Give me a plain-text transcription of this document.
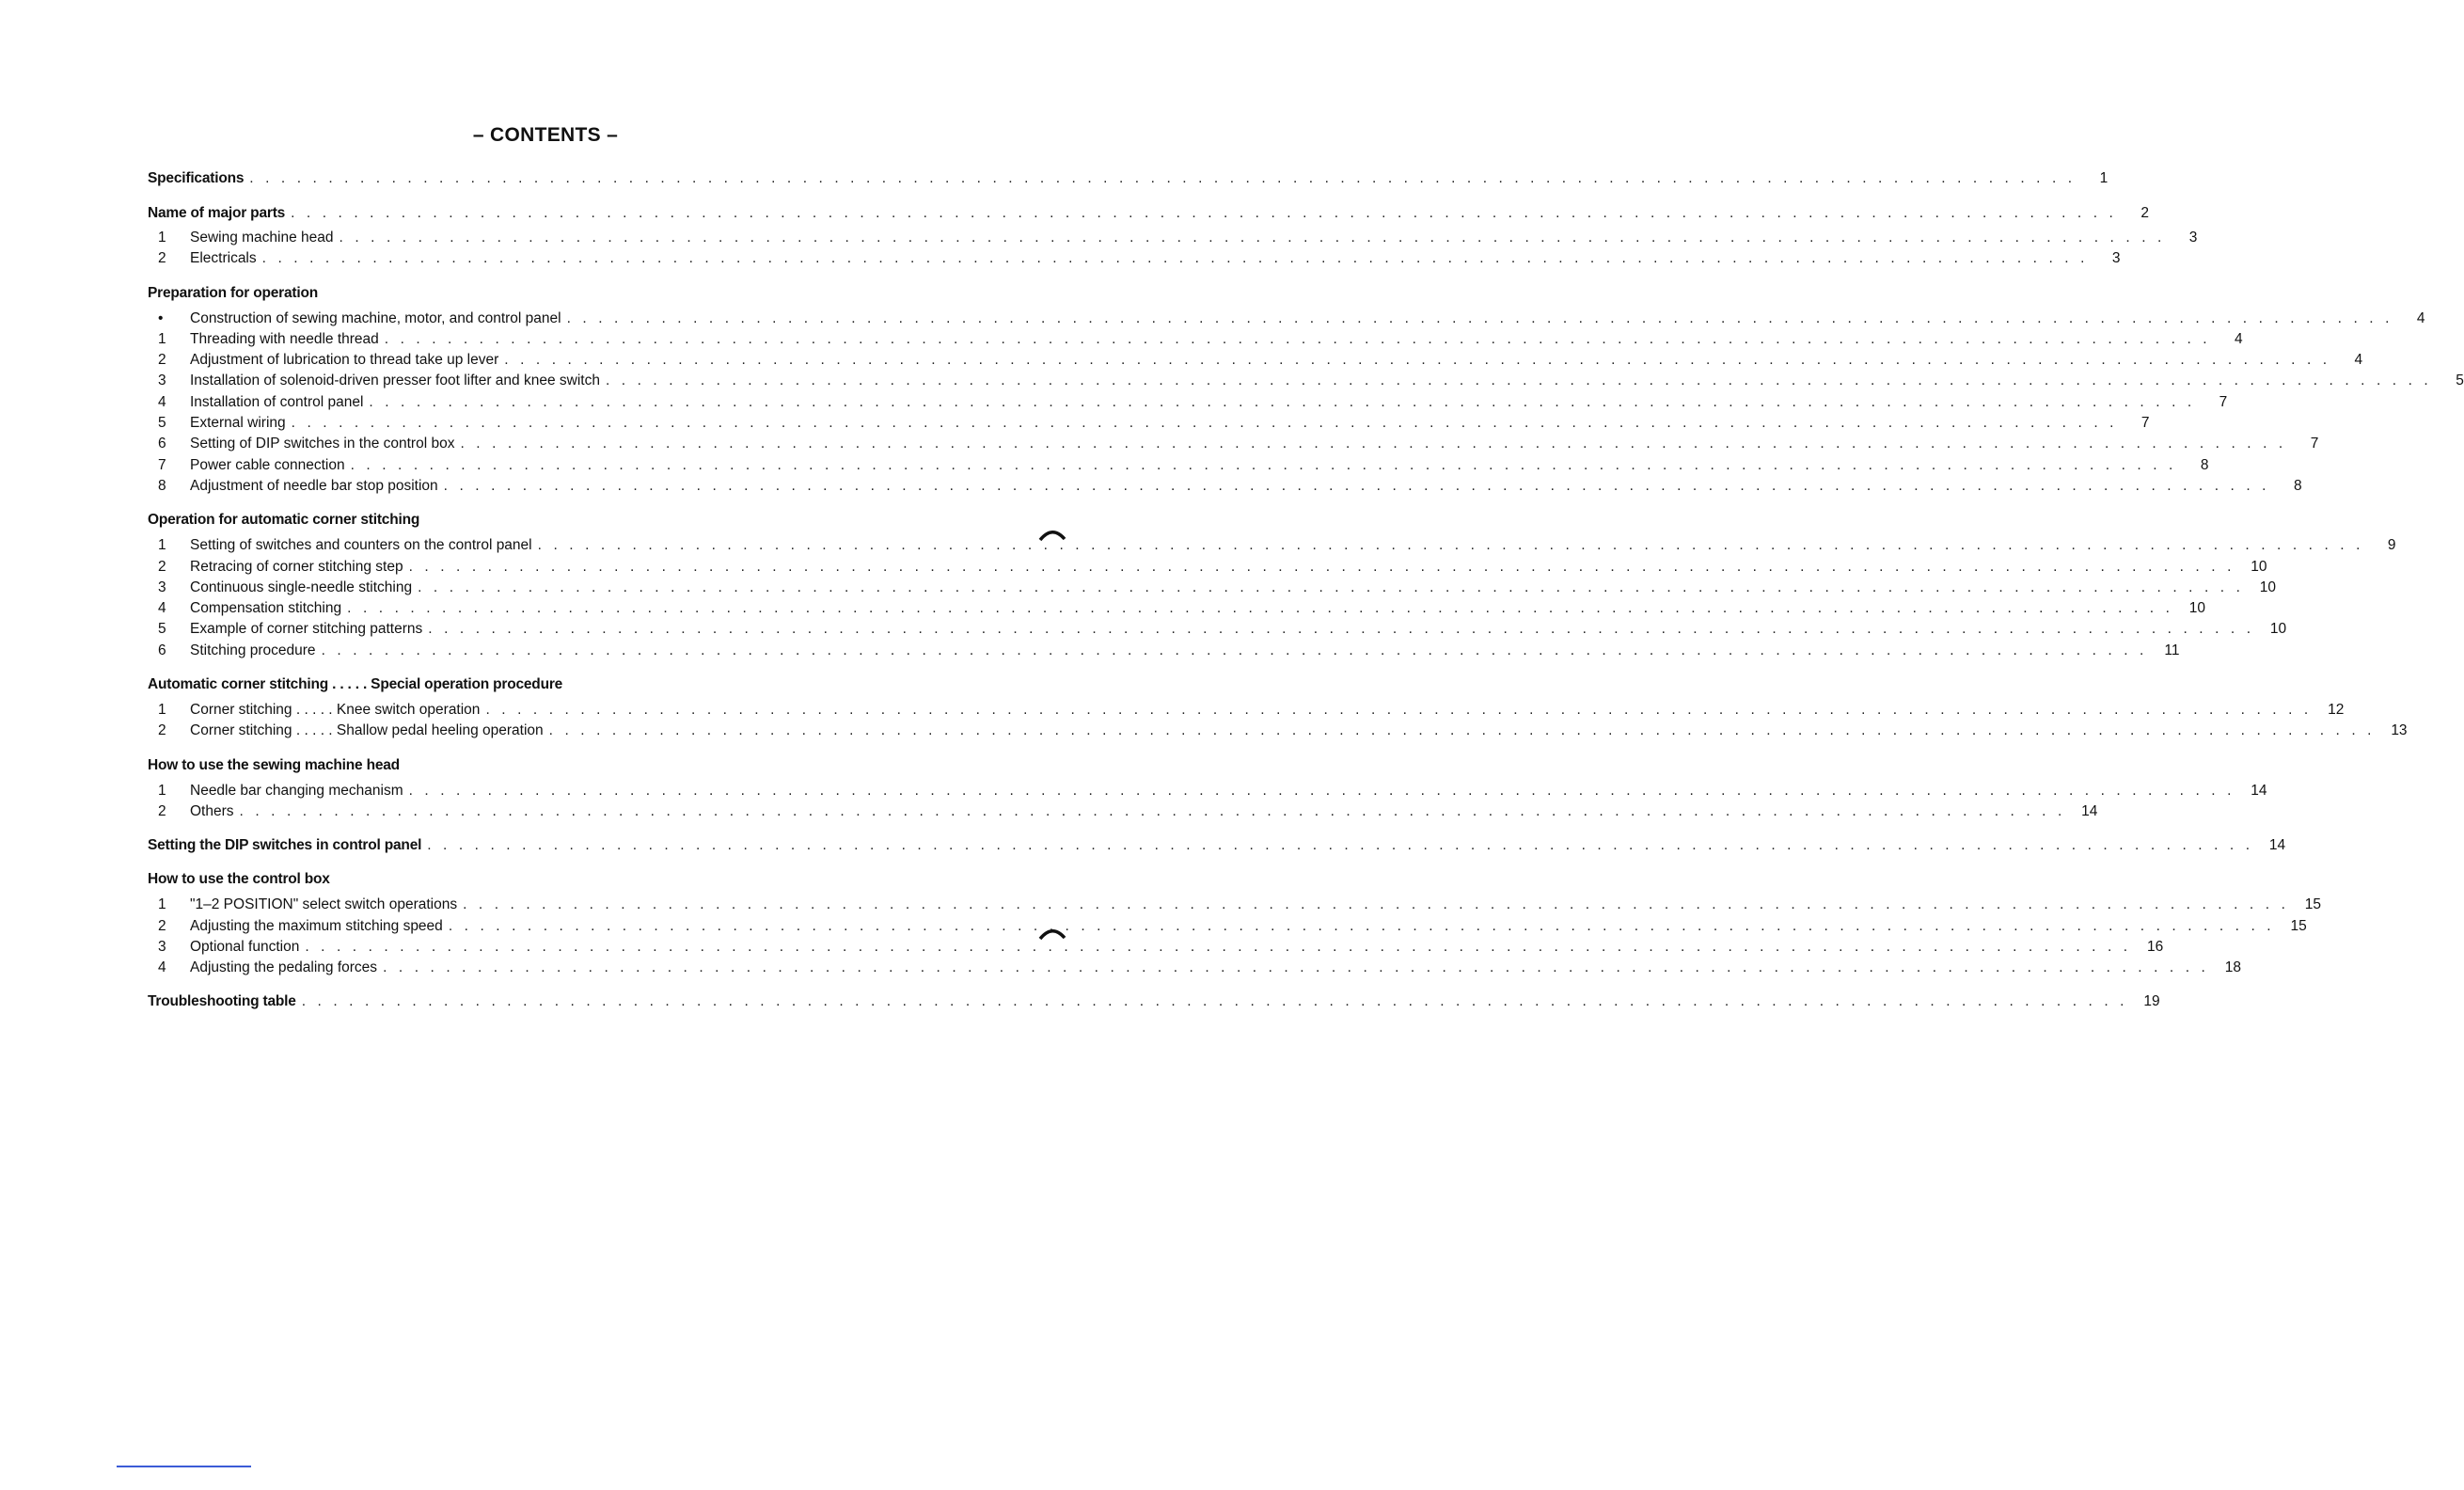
– CONTENTS –
Specifications . . . . . . . . . . . . . . . . . . . . . . . . . . . . . . . . . . . . . . . . . . . . . . . . . . . . . . . . . . . . . . . . . . . . . . . . . . . . . . . . . . . . . . . . . . . . . . . . . . . . . . . . . . . . . . . . . . . .	1
Name of major parts . . . . . . . . . . . . . . . . . . . . . . . . . . . . . . . . . . . . . . . . . . . . . . . . . . . . . . . . . . . . . . . . . . . . . . . . . . . . . . . . . . . . . . . . . . . . . . . . . . . . . . . . . . . . . . . . . . . .	2
1	Sewing machine head . . . . . . . . . . . . . . . . . . . . . . . . . . . . . . . . . . . . . . . . . . . . . . . . . . . . . . . . . . . . . . . . . . . . . . . . . . . . . . . . . . . . . . . . . . . . . . . . . . . . . . . . . . . . . . . . . . . .	3
2	Electricals . . . . . . . . . . . . . . . . . . . . . . . . . . . . . . . . . . . . . . . . . . . . . . . . . . . . . . . . . . . . . . . . . . . . . . . . . . . . . . . . . . . . . . . . . . . . . . . . . . . . . . . . . . . . . . . . . . . .	3
Preparation for operation
•	Construction of sewing machine, motor, and control panel . . . . . . . . . . . . . . . . . . . . . . . . . . . . . . . . . . . . . . . . . . . . . . . . . . . . . . . . . . . . . . . . . . . . . . . . . . . . . . . . . . . . . . . . . . . . . . . . . . . . . . . . . . . . . . . . . . . .	4
1	Threading with needle thread . . . . . . . . . . . . . . . . . . . . . . . . . . . . . . . . . . . . . . . . . . . . . . . . . . . . . . . . . . . . . . . . . . . . . . . . . . . . . . . . . . . . . . . . . . . . . . . . . . . . . . . . . . . . . . . . . . . .	4
2	Adjustment of lubrication to thread take up lever . . . . . . . . . . . . . . . . . . . . . . . . . . . . . . . . . . . . . . . . . . . . . . . . . . . . . . . . . . . . . . . . . . . . . . . . . . . . . . . . . . . . . . . . . . . . . . . . . . . . . . . . . . . . . . . . . . . .	4
3	Installation of solenoid-driven presser foot lifter and knee switch . . . . . . . . . . . . . . . . . . . . . . . . . . . . . . . . . . . . . . . . . . . . . . . . . . . . . . . . . . . . . . . . . . . . . . . . . . . . . . . . . . . . . . . . . . . . . . . . . . . . . . . . . . . . . . . . . . . .	5
4	Installation of control panel . . . . . . . . . . . . . . . . . . . . . . . . . . . . . . . . . . . . . . . . . . . . . . . . . . . . . . . . . . . . . . . . . . . . . . . . . . . . . . . . . . . . . . . . . . . . . . . . . . . . . . . . . . . . . . . . . . . .	7
5	External wiring . . . . . . . . . . . . . . . . . . . . . . . . . . . . . . . . . . . . . . . . . . . . . . . . . . . . . . . . . . . . . . . . . . . . . . . . . . . . . . . . . . . . . . . . . . . . . . . . . . . . . . . . . . . . . . . . . . . .	7
6	Setting of DIP switches in the control box . . . . . . . . . . . . . . . . . . . . . . . . . . . . . . . . . . . . . . . . . . . . . . . . . . . . . . . . . . . . . . . . . . . . . . . . . . . . . . . . . . . . . . . . . . . . . . . . . . . . . . . . . . . . . . . . . . . .	7
7	Power cable connection . . . . . . . . . . . . . . . . . . . . . . . . . . . . . . . . . . . . . . . . . . . . . . . . . . . . . . . . . . . . . . . . . . . . . . . . . . . . . . . . . . . . . . . . . . . . . . . . . . . . . . . . . . . . . . . . . . . .	8
8	Adjustment of needle bar stop position . . . . . . . . . . . . . . . . . . . . . . . . . . . . . . . . . . . . . . . . . . . . . . . . . . . . . . . . . . . . . . . . . . . . . . . . . . . . . . . . . . . . . . . . . . . . . . . . . . . . . . . . . . . . . . . . . . . .	8
Operation for automatic corner stitching
1	Setting of switches and counters on the control panel . . . . . . . . . . . . . . . . . . . . . . . . . . . . . . . . . . . . . . . . . . . . . . . . . . . . . . . . . . . . . . . . . . . . . . . . . . . . . . . . . . . . . . . . . . . . . . . . . . . . . . . . . . . . . . . . . . . .	9
2	Retracing of corner stitching step . . . . . . . . . . . . . . . . . . . . . . . . . . . . . . . . . . . . . . . . . . . . . . . . . . . . . . . . . . . . . . . . . . . . . . . . . . . . . . . . . . . . . . . . . . . . . . . . . . . . . . . . . . . . . . . . . . . .	10
3	Continuous single-needle stitching . . . . . . . . . . . . . . . . . . . . . . . . . . . . . . . . . . . . . . . . . . . . . . . . . . . . . . . . . . . . . . . . . . . . . . . . . . . . . . . . . . . . . . . . . . . . . . . . . . . . . . . . . . . . . . . . . . . .	10
4	Compensation stitching . . . . . . . . . . . . . . . . . . . . . . . . . . . . . . . . . . . . . . . . . . . . . . . . . . . . . . . . . . . . . . . . . . . . . . . . . . . . . . . . . . . . . . . . . . . . . . . . . . . . . . . . . . . . . . . . . . . .	10
5	Example of corner stitching patterns . . . . . . . . . . . . . . . . . . . . . . . . . . . . . . . . . . . . . . . . . . . . . . . . . . . . . . . . . . . . . . . . . . . . . . . . . . . . . . . . . . . . . . . . . . . . . . . . . . . . . . . . . . . . . . . . . . . .	10
6	Stitching procedure . . . . . . . . . . . . . . . . . . . . . . . . . . . . . . . . . . . . . . . . . . . . . . . . . . . . . . . . . . . . . . . . . . . . . . . . . . . . . . . . . . . . . . . . . . . . . . . . . . . . . . . . . . . . . . . . . . . .	11
Automatic corner stitching . . . . . Special operation procedure
1	Corner stitching . . . . . Knee switch operation . . . . . . . . . . . . . . . . . . . . . . . . . . . . . . . . . . . . . . . . . . . . . . . . . . . . . . . . . . . . . . . . . . . . . . . . . . . . . . . . . . . . . . . . . . . . . . . . . . . . . . . . . . . . . . . . . . . .	12
2	Corner stitching . . . . . Shallow pedal heeling operation . . . . . . . . . . . . . . . . . . . . . . . . . . . . . . . . . . . . . . . . . . . . . . . . . . . . . . . . . . . . . . . . . . . . . . . . . . . . . . . . . . . . . . . . . . . . . . . . . . . . . . . . . . . . . . . . . . . .	13
How to use the sewing machine head
1	Needle bar changing mechanism . . . . . . . . . . . . . . . . . . . . . . . . . . . . . . . . . . . . . . . . . . . . . . . . . . . . . . . . . . . . . . . . . . . . . . . . . . . . . . . . . . . . . . . . . . . . . . . . . . . . . . . . . . . . . . . . . . . .	14
2	Others . . . . . . . . . . . . . . . . . . . . . . . . . . . . . . . . . . . . . . . . . . . . . . . . . . . . . . . . . . . . . . . . . . . . . . . . . . . . . . . . . . . . . . . . . . . . . . . . . . . . . . . . . . . . . . . . . . . .	14
Setting the DIP switches in control panel . . . . . . . . . . . . . . . . . . . . . . . . . . . . . . . . . . . . . . . . . . . . . . . . . . . . . . . . . . . . . . . . . . . . . . . . . . . . . . . . . . . . . . . . . . . . . . . . . . . . . . . . . . . . . . . . . . . .	14
How to use the control box
1	"1–2 POSITION" select switch operations . . . . . . . . . . . . . . . . . . . . . . . . . . . . . . . . . . . . . . . . . . . . . . . . . . . . . . . . . . . . . . . . . . . . . . . . . . . . . . . . . . . . . . . . . . . . . . . . . . . . . . . . . . . . . . . . . . . .	15
2	Adjusting the maximum stitching speed . . . . . . . . . . . . . . . . . . . . . . . . . . . . . . . . . . . . . . . . . . . . . . . . . . . . . . . . . . . . . . . . . . . . . . . . . . . . . . . . . . . . . . . . . . . . . . . . . . . . . . . . . . . . . . . . . . . .	15
3	Optional function . . . . . . . . . . . . . . . . . . . . . . . . . . . . . . . . . . . . . . . . . . . . . . . . . . . . . . . . . . . . . . . . . . . . . . . . . . . . . . . . . . . . . . . . . . . . . . . . . . . . . . . . . . . . . . . . . . . .	16
4	Adjusting the pedaling forces . . . . . . . . . . . . . . . . . . . . . . . . . . . . . . . . . . . . . . . . . . . . . . . . . . . . . . . . . . . . . . . . . . . . . . . . . . . . . . . . . . . . . . . . . . . . . . . . . . . . . . . . . . . . . . . . . . . .	18
Troubleshooting table . . . . . . . . . . . . . . . . . . . . . . . . . . . . . . . . . . . . . . . . . . . . . . . . . . . . . . . . . . . . . . . . . . . . . . . . . . . . . . . . . . . . . . . . . . . . . . . . . . . . . . . . . . . . . . . . . . . .	19
